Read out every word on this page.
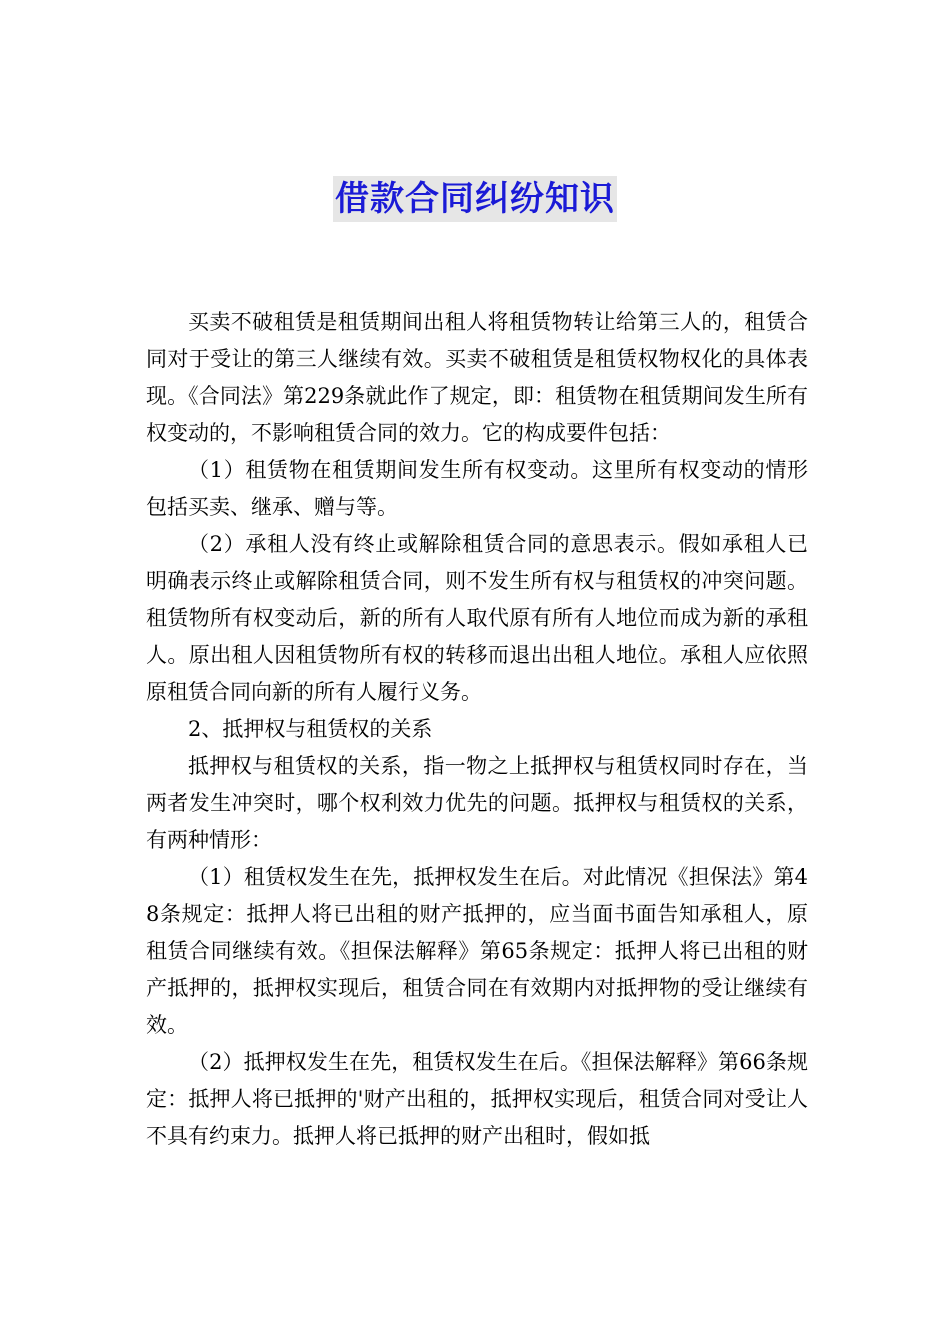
借款合同纠纷知识

买卖不破租赁是租赁期间出租人将租赁物转让给第三人的，租赁合同对于受让的第三人继续有效。买卖不破租赁是租赁权物权化的具体表现。《合同法》第229条就此作了规定，即：租赁物在租赁期间发生所有权变动的，不影响租赁合同的效力。它的构成要件包括：

（1）租赁物在租赁期间发生所有权变动。这里所有权变动的情形包括买卖、继承、赠与等。

（2）承租人没有终止或解除租赁合同的意思表示。假如承租人已明确表示终止或解除租赁合同，则不发生所有权与租赁权的冲突问题。租赁物所有权变动后，新的所有人取代原有所有人地位而成为新的承租人。原出租人因租赁物所有权的转移而退出出租人地位。承租人应依照原租赁合同向新的所有人履行义务。

2、抵押权与租赁权的关系

抵押权与租赁权的关系，指一物之上抵押权与租赁权同时存在，当两者发生冲突时，哪个权利效力优先的问题。抵押权与租赁权的关系，有两种情形：

（1）租赁权发生在先，抵押权发生在后。对此情况《担保法》第48条规定：抵押人将已出租的财产抵押的，应当面书面告知承租人，原租赁合同继续有效。《担保法解释》第65条规定：抵押人将已出租的财产抵押的，抵押权实现后，租赁合同在有效期内对抵押物的受让继续有效。

（2）抵押权发生在先，租赁权发生在后。《担保法解释》第66条规定：抵押人将已抵押的'财产出租的，抵押权实现后，租赁合同对受让人不具有约束力。抵押人将已抵押的财产出租时，假如抵
